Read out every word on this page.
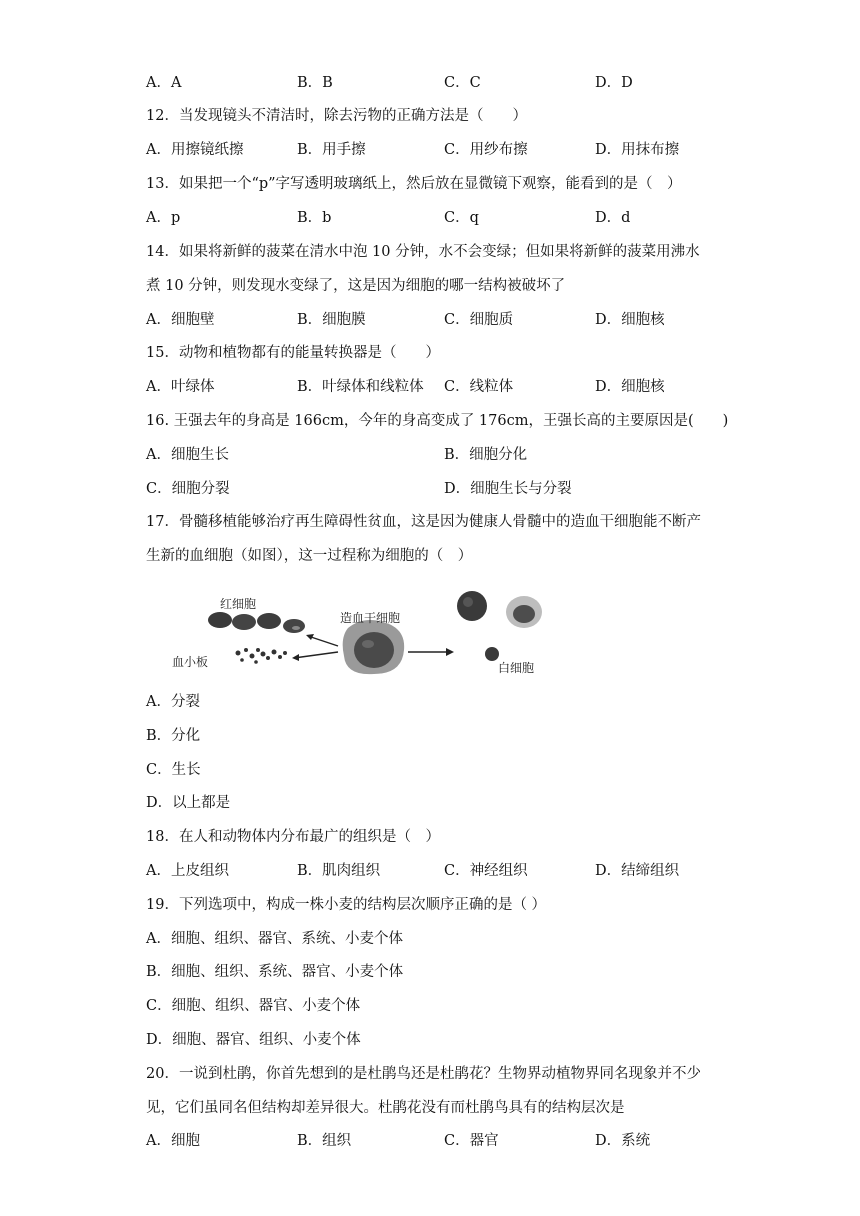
A．A	B．B	C．C	D．D
12．当发现镜头不清洁时，除去污物的正确方法是（　　）
A．用擦镜纸擦	B．用手擦	C．用纱布擦	D．用抹布擦
13．如果把一个“p”字写透明玻璃纸上，然后放在显微镜下观察，能看到的是（　）
A．p	B．b	C．q	D．d
14．如果将新鲜的菠菜在清水中泡 10 分钟，水不会变绿；但如果将新鲜的菠菜用沸水
煮 10 分钟，则发现水变绿了，这是因为细胞的哪一结构被破坏了
A．细胞壁	B．细胞膜	C．细胞质	D．细胞核
15．动物和植物都有的能量转换器是（　　）
A．叶绿体	B．叶绿体和线粒体 C．线粒体	D．细胞核
16. 王强去年的身高是 166cm，今年的身高变成了 176cm，王强长高的主要原因是(　　)
A．细胞生长	B．细胞分化
C．细胞分裂	D．细胞生长与分裂
17．骨髓移植能够治疗再生障碍性贫血，这是因为健康人骨髓中的造血干细胞能不断产
生新的血细胞（如图），这一过程称为细胞的（　）
红细胞
血小板
造血干细胞
白细胞
A．分裂
B．分化
C．生长
D．以上都是
18．在人和动物体内分布最广的组织是（　）
A．上皮组织	B．肌肉组织	C．神经组织	D．结缔组织
19．下列选项中，构成一株小麦的结构层次顺序正确的是（ ）
A．细胞、组织、器官、系统、小麦个体
B．细胞、组织、系统、器官、小麦个体
C．细胞、组织、器官、小麦个体
D．细胞、器官、组织、小麦个体
20．一说到杜鹃，你首先想到的是杜鹃鸟还是杜鹃花？生物界动植物界同名现象并不少
见，它们虽同名但结构却差异很大。杜鹃花没有而杜鹃鸟具有的结构层次是
A．细胞	B．组织	C．器官	D．系统
